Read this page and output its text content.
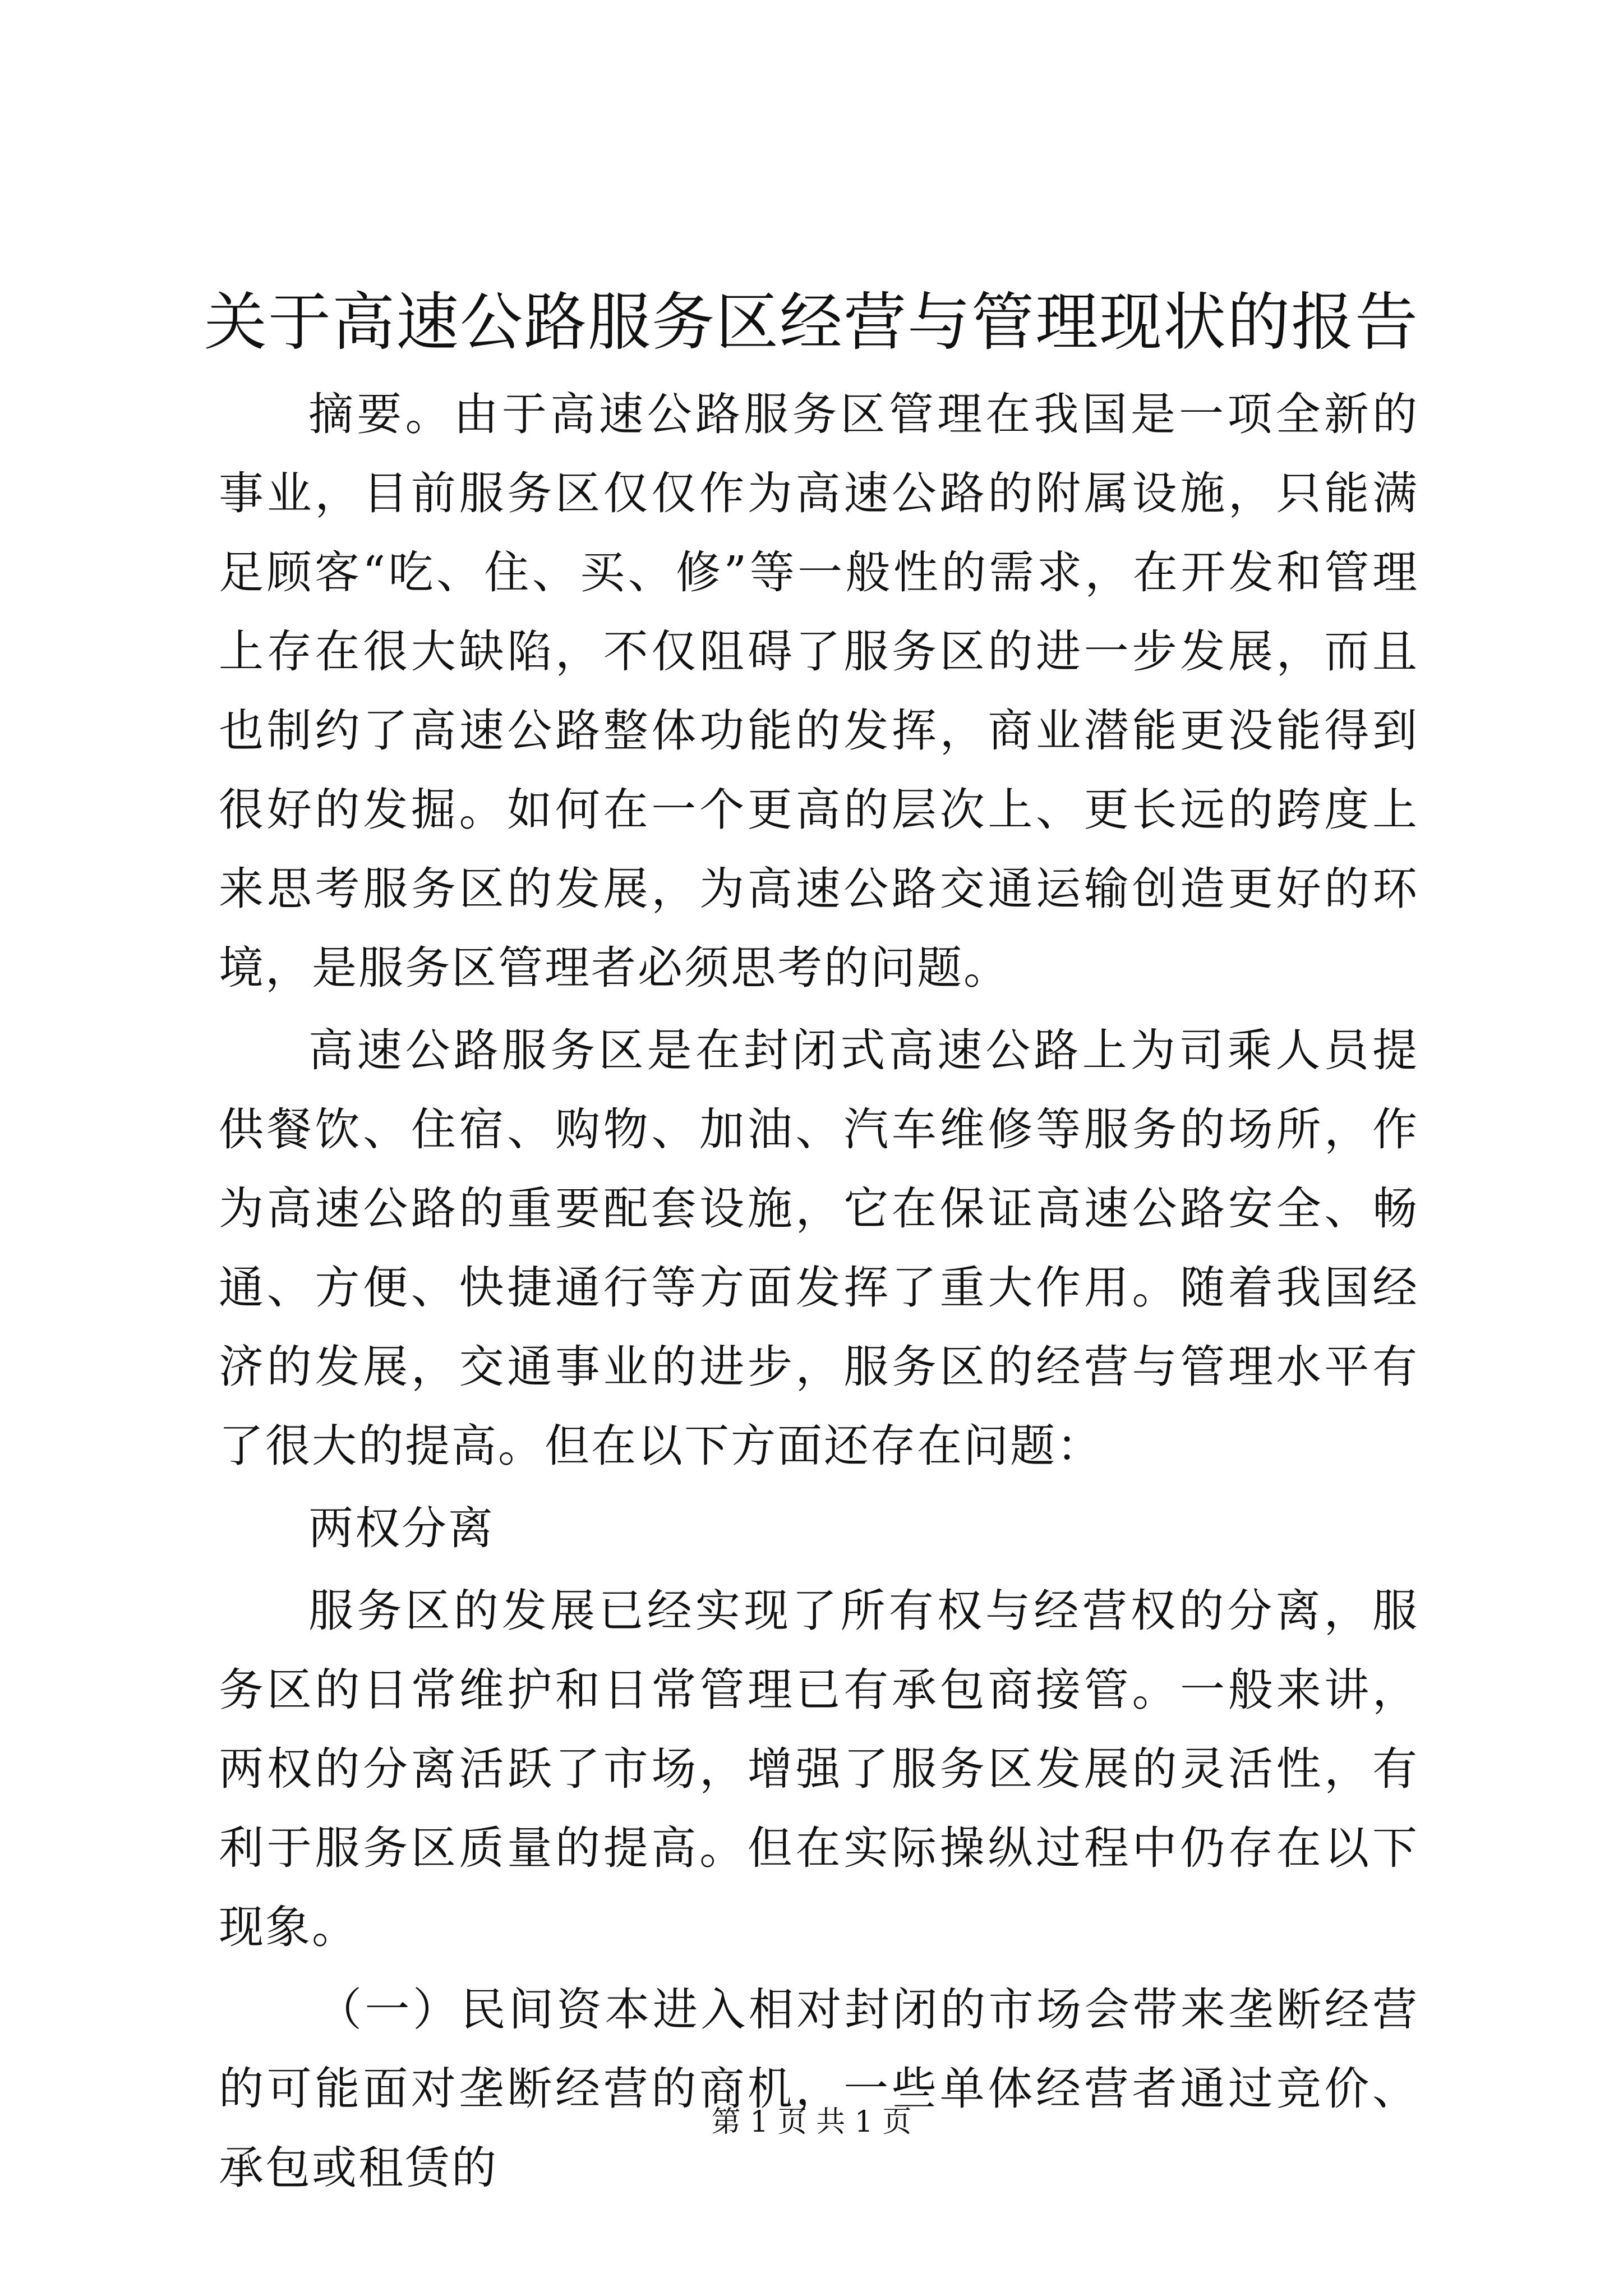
关于高速公路服务区经营与管理现状的报告

摘要。由于高速公路服务区管理在我国是一项全新的事业，目前服务区仅仅作为高速公路的附属设施，只能满足顾客“吃、住、买、修”等一般性的需求，在开发和管理上存在很大缺陷，不仅阻碍了服务区的进一步发展，而且也制约了高速公路整体功能的发挥，商业潜能更没能得到很好的发掘。如何在一个更高的层次上、更长远的跨度上来思考服务区的发展，为高速公路交通运输创造更好的环境，是服务区管理者必须思考的问题。

高速公路服务区是在封闭式高速公路上为司乘人员提供餐饮、住宿、购物、加油、汽车维修等服务的场所，作为高速公路的重要配套设施，它在保证高速公路安全、畅通、方便、快捷通行等方面发挥了重大作用。随着我国经济的发展，交通事业的进步，服务区的经营与管理水平有了很大的提高。但在以下方面还存在问题：

两权分离

服务区的发展已经实现了所有权与经营权的分离，服务区的日常维护和日常管理已有承包商接管。一般来讲，两权的分离活跃了市场，增强了服务区发展的灵活性，有利于服务区质量的提高。但在实际操纵过程中仍存在以下现象。

（一）民间资本进入相对封闭的市场会带来垄断经营的可能面对垄断经营的商机，一些单体经营者通过竞价、承包或租赁的

第 1 页 共 1 页
